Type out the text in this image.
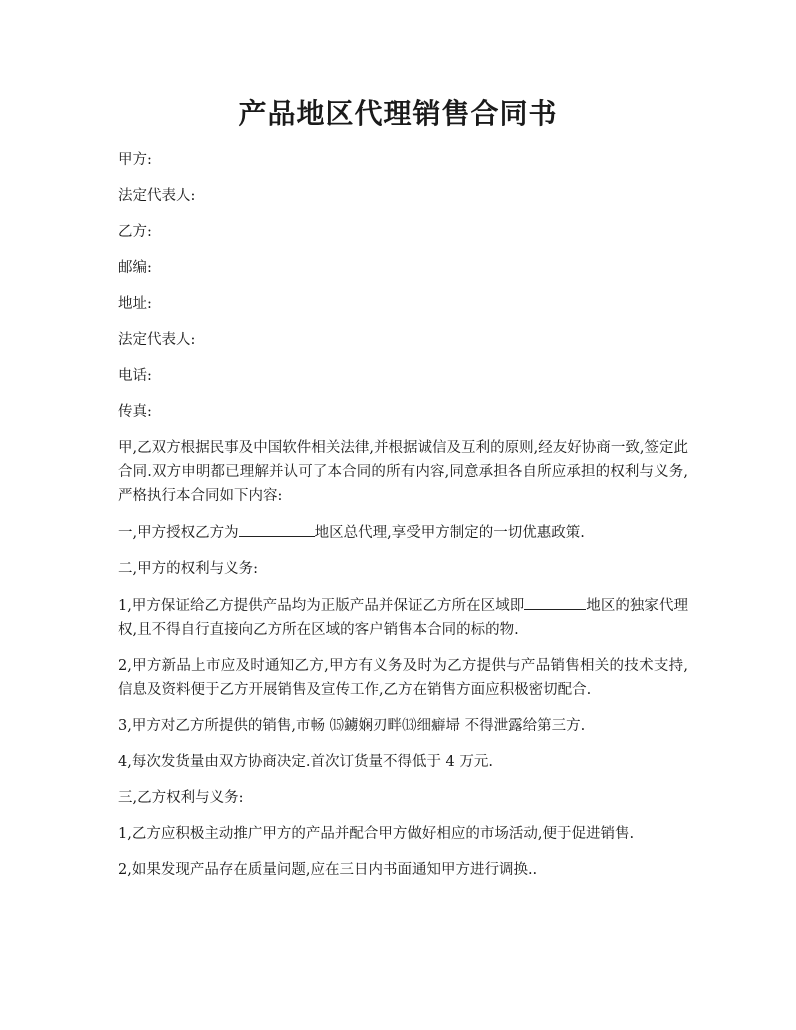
产品地区代理销售合同书

甲方:

法定代表人:

乙方:

邮编:

地址:

法定代表人:

电话:

传真:

甲,乙双方根据民事及中国软件相关法律,并根据诚信及互利的原则,经友好协商一致,签定此合同.双方申明都已理解并认可了本合同的所有内容,同意承担各自所应承担的权利与义务,严格执行本合同如下内容:

一,甲方授权乙方为	地区总代理,享受甲方制定的一切优惠政策.

二,甲方的权利与义务:

1,甲方保证给乙方提供产品均为正版产品并保证乙方所在区域即	地区的独家代理权,且不得自行直接向乙方所在区域的客户销售本合同的标的物.

2,甲方新品上市应及时通知乙方,甲方有义务及时为乙方提供与产品销售相关的技术支持,信息及资料便于乙方开展销售及宣传工作,乙方在销售方面应积极密切配合.

3,甲方对乙方所提供的销售,市畅 ⒂鐪娴刃畔⒀细癖埽 不得泄露给第三方.

4,每次发货量由双方协商决定.首次订货量不得低于 4 万元.

三,乙方权利与义务:

1,乙方应积极主动推广甲方的产品并配合甲方做好相应的市场活动,便于促进销售.

2,如果发现产品存在质量问题,应在三日内书面通知甲方进行调换..
